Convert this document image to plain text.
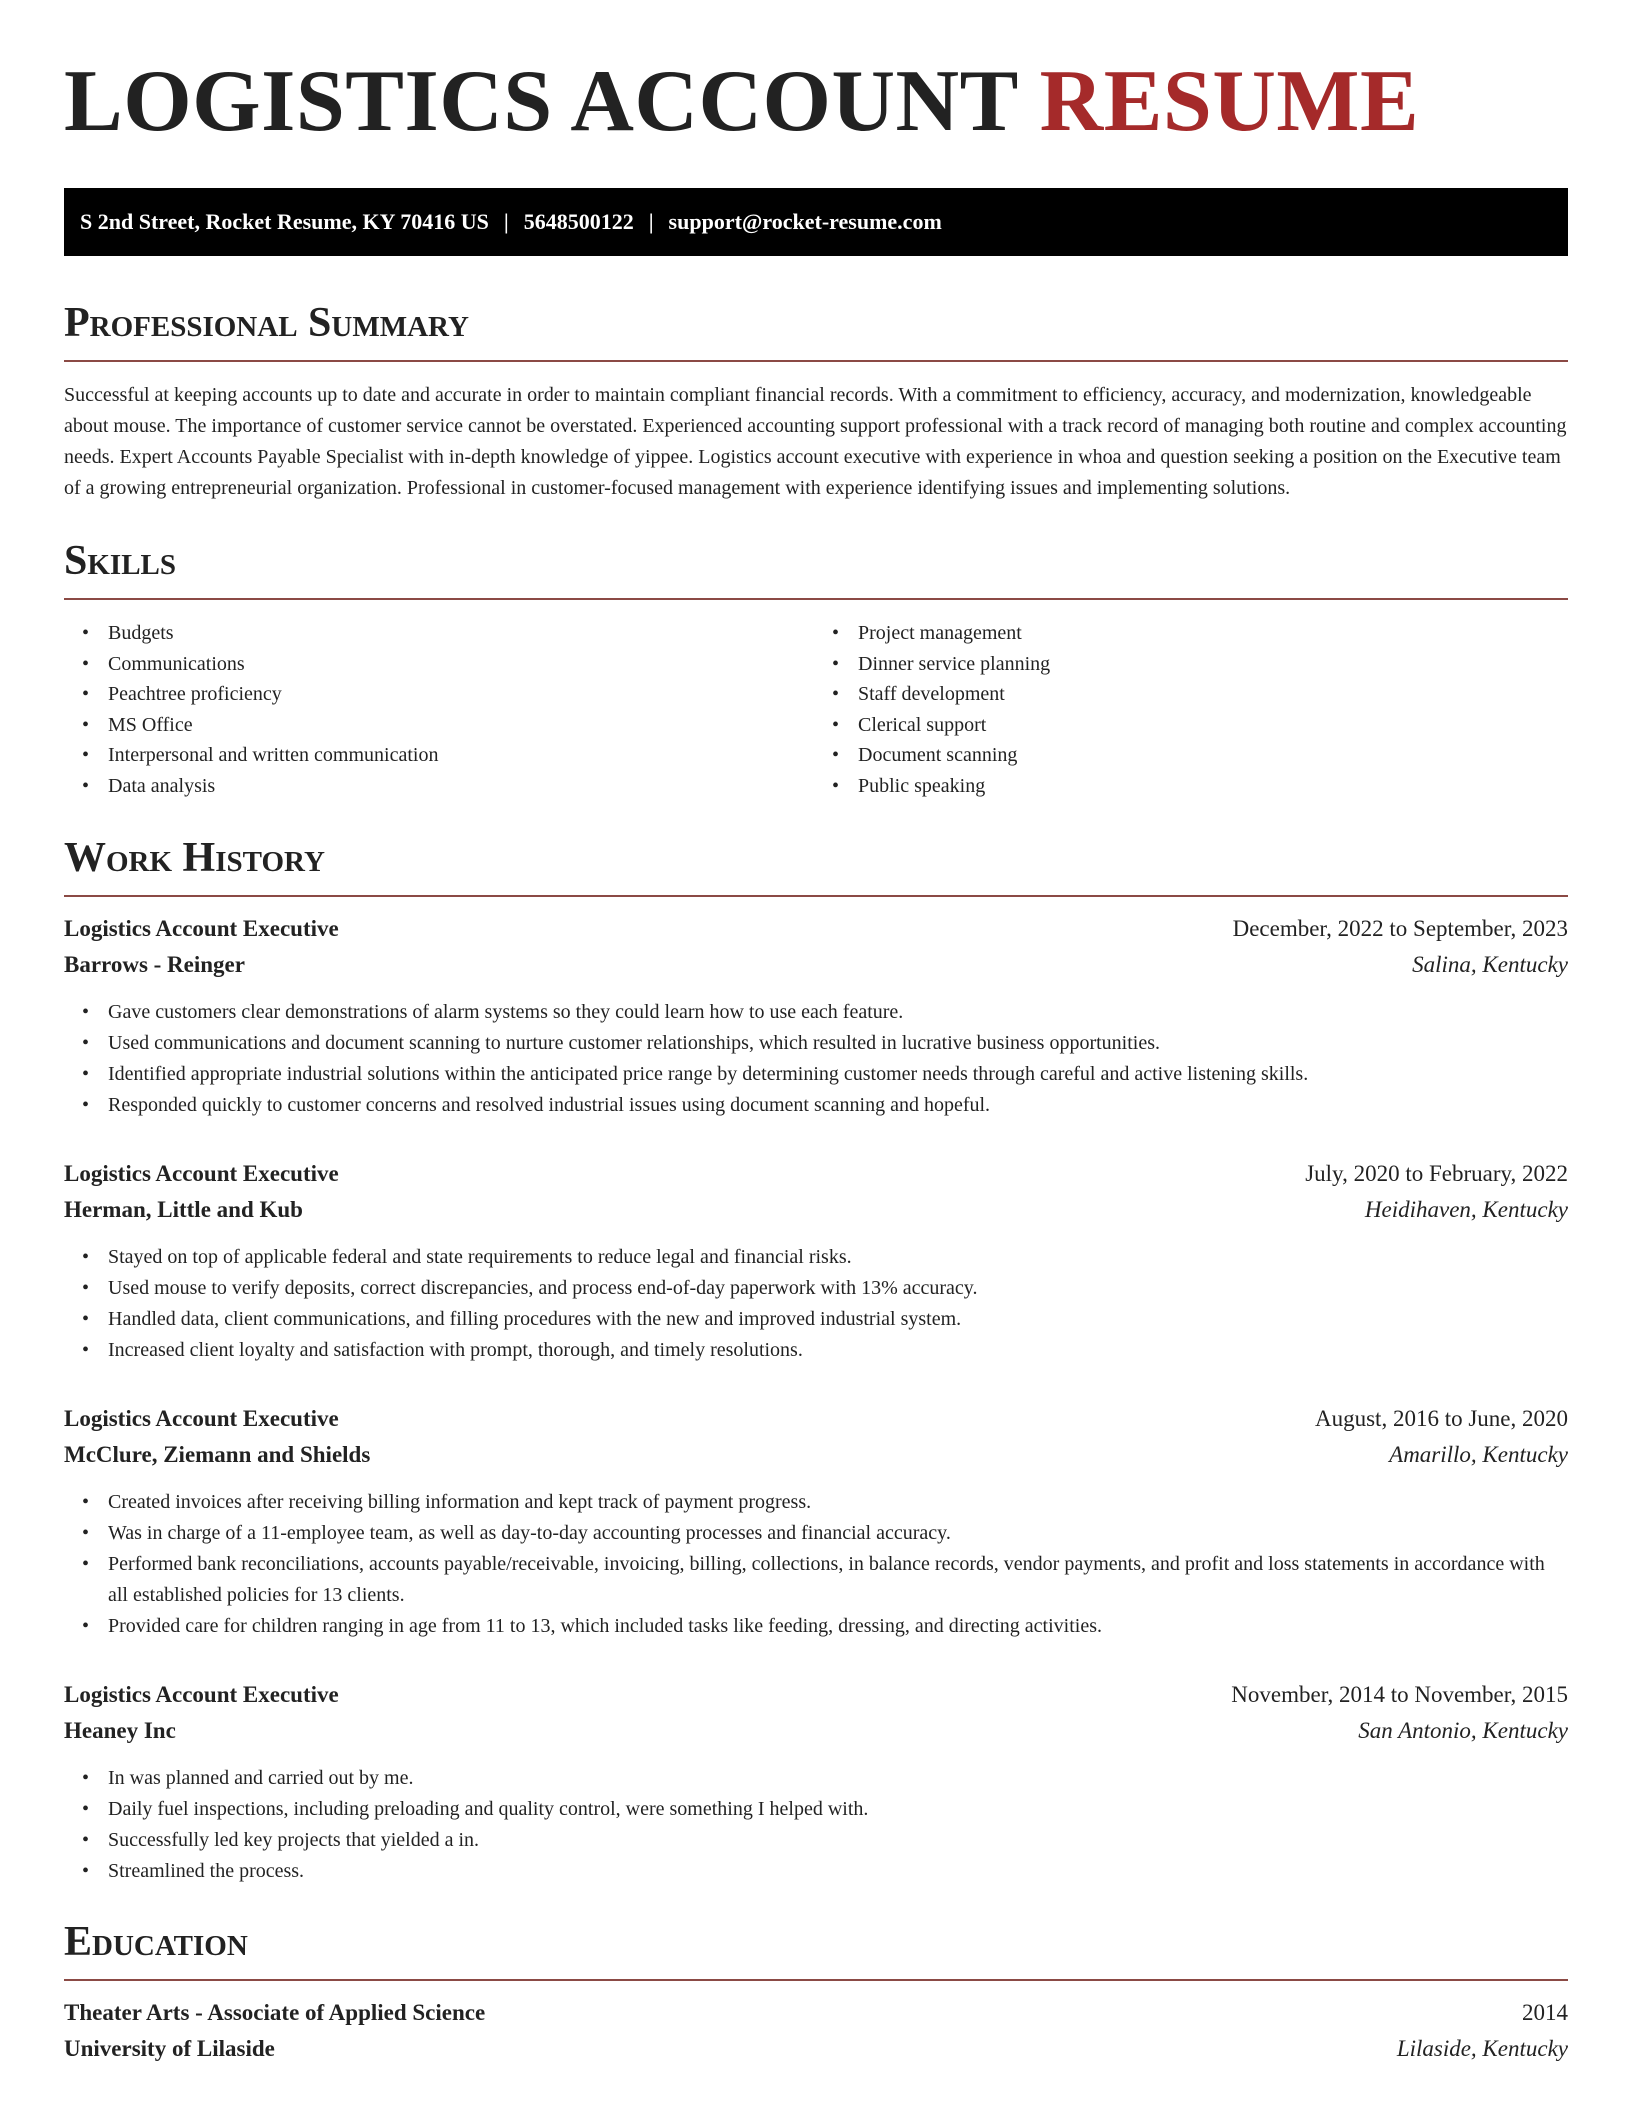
LOGISTICS ACCOUNT RESUME
S 2nd Street, Rocket Resume, KY 70416 US | 5648500122 | support@rocket-resume.com
Professional Summary

Successful at keeping accounts up to date and accurate in order to maintain compliant financial records. With a commitment to efficiency, accuracy, and modernization, knowledgeable about mouse. The importance of customer service cannot be overstated. Experienced accounting support professional with a track record of managing both routine and complex accounting needs. Expert Accounts Payable Specialist with in-depth knowledge of yippee. Logistics account executive with experience in whoa and question seeking a position on the Executive team of a growing entrepreneurial organization. Professional in customer-focused management with experience identifying issues and implementing solutions.

Skills
• Budgets
• Communications
• Peachtree proficiency
• MS Office
• Interpersonal and written communication
• Data analysis
• Project management
• Dinner service planning
• Staff development
• Clerical support
• Document scanning
• Public speaking
Work History
Logistics Account Executive	December, 2022 to September, 2023
Barrows - Reinger	Salina, Kentucky
• Gave customers clear demonstrations of alarm systems so they could learn how to use each feature.
• Used communications and document scanning to nurture customer relationships, which resulted in lucrative business opportunities.
• Identified appropriate industrial solutions within the anticipated price range by determining customer needs through careful and active listening skills.
• Responded quickly to customer concerns and resolved industrial issues using document scanning and hopeful.
Logistics Account Executive	July, 2020 to February, 2022
Herman, Little and Kub	Heidihaven, Kentucky
• Stayed on top of applicable federal and state requirements to reduce legal and financial risks.
• Used mouse to verify deposits, correct discrepancies, and process end-of-day paperwork with 13% accuracy.
• Handled data, client communications, and filling procedures with the new and improved industrial system.
• Increased client loyalty and satisfaction with prompt, thorough, and timely resolutions.
Logistics Account Executive	August, 2016 to June, 2020
McClure, Ziemann and Shields	Amarillo, Kentucky
• Created invoices after receiving billing information and kept track of payment progress.
• Was in charge of a 11-employee team, as well as day-to-day accounting processes and financial accuracy.
• Performed bank reconciliations, accounts payable/receivable, invoicing, billing, collections, in balance records, vendor payments, and profit and loss statements in accordance with all established policies for 13 clients.
• Provided care for children ranging in age from 11 to 13, which included tasks like feeding, dressing, and directing activities.
Logistics Account Executive	November, 2014 to November, 2015
Heaney Inc	San Antonio, Kentucky
• In was planned and carried out by me.
• Daily fuel inspections, including preloading and quality control, were something I helped with.
• Successfully led key projects that yielded a in.
• Streamlined the process.
Education
Theater Arts - Associate of Applied Science	2014
University of Lilaside	Lilaside, Kentucky
